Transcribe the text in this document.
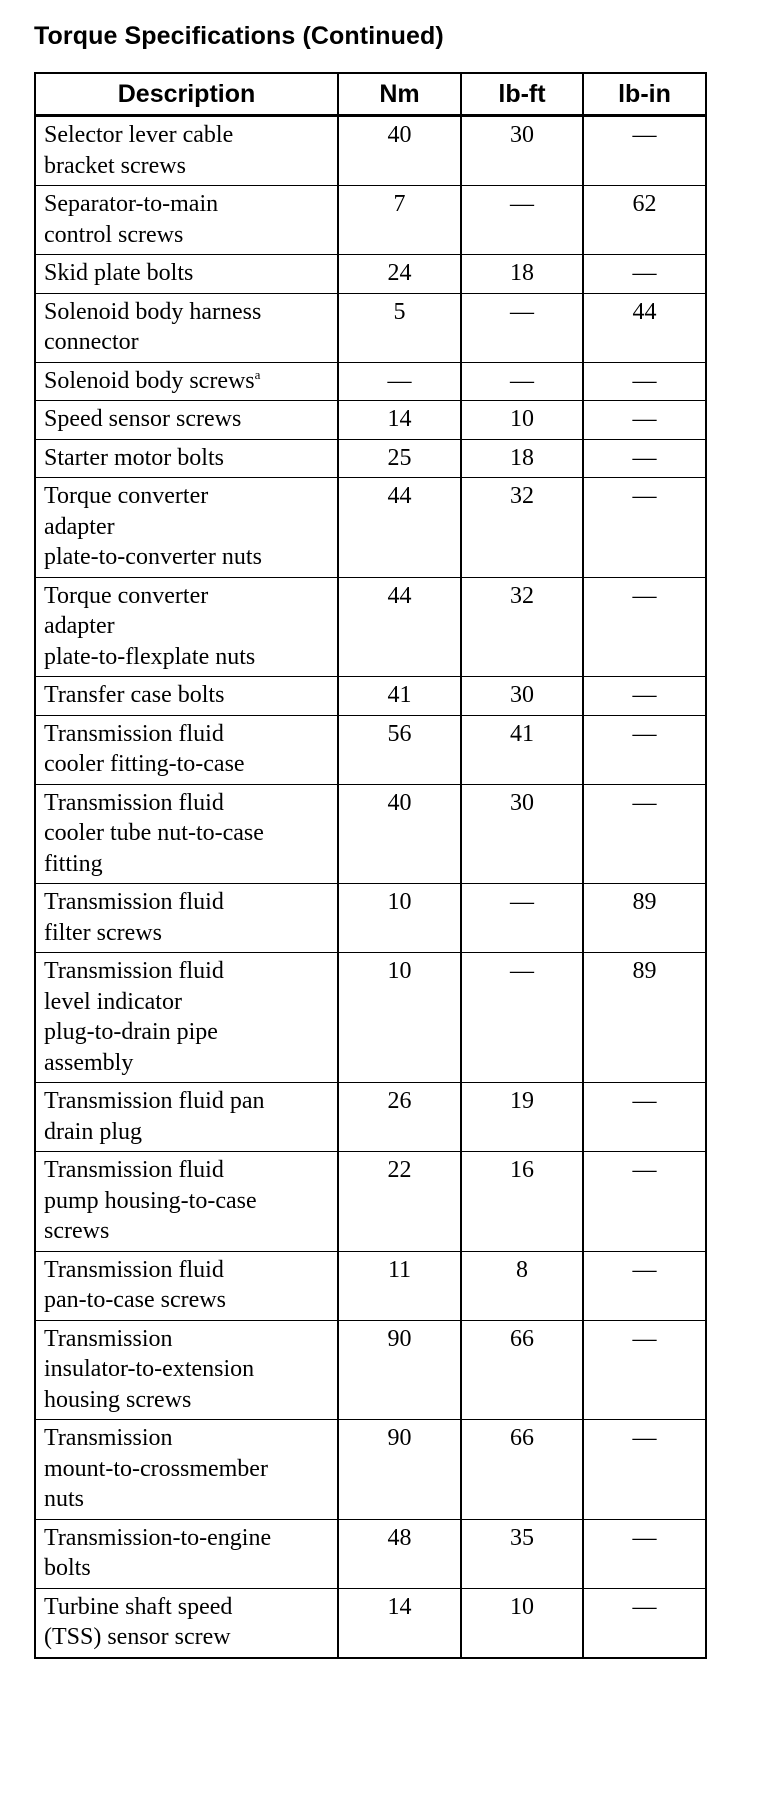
Torque Specifications (Continued)
Description	Nm	lb-ft	lb-in
Selector lever cable
bracket screws	40	30	—
Separator-to-main
control screws	7	—	62
Skid plate bolts	24	18	—
Solenoid body harness
connector	5	—	44
Solenoid body screws$^a$	—	—	—
Speed sensor screws	14	10	—
Starter motor bolts	25	18	—
Torque converter
adapter
plate-to-converter nuts	44	32	—
Torque converter
adapter
plate-to-flexplate nuts	44	32	—
Transfer case bolts	41	30	—
Transmission fluid
cooler fitting-to-case	56	41	—
Transmission fluid
cooler tube nut-to-case
fitting	40	30	—
Transmission fluid
filter screws	10	—	89
Transmission fluid
level indicator
plug-to-drain pipe
assembly	10	—	89
Transmission fluid pan
drain plug	26	19	—
Transmission fluid
pump housing-to-case
screws	22	16	—
Transmission fluid
pan-to-case screws	11	8	—
Transmission
insulator-to-extension
housing screws	90	66	—
Transmission
mount-to-crossmember
nuts	90	66	—
Transmission-to-engine
bolts	48	35	—
Turbine shaft speed
(TSS) sensor screw	14	10	—
